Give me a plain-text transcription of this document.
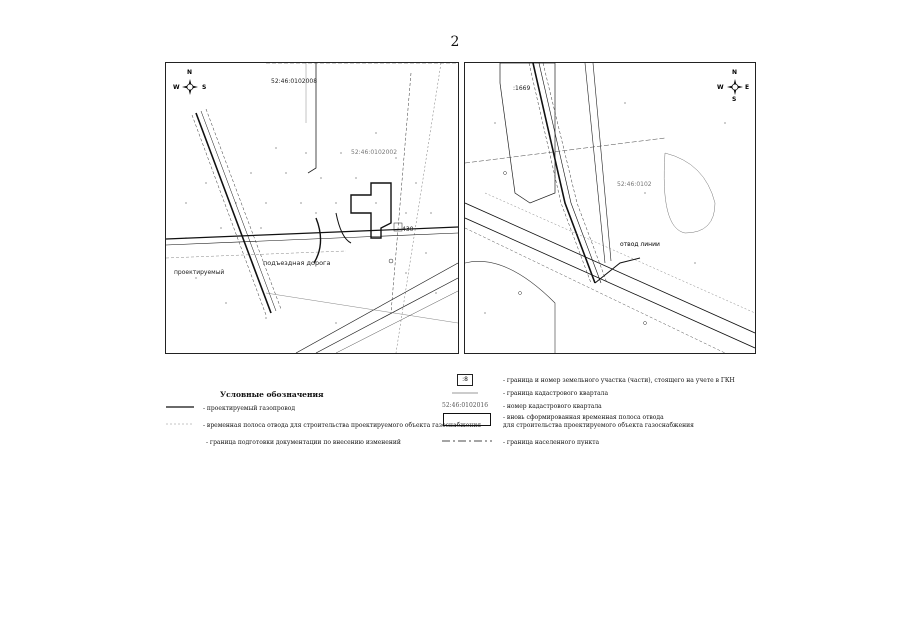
2
N
W	S
52:46:0102008
52:46:0102002
430
подъездная дорога
проектируемый
N
W	E
S
:1669
52:46:0102
отвод линии
Условные обозначения
- проектируемый газопровод
- временная полоса отвода для строительства проектируемого объекта газоснабжения
- граница подготовки документации по внесению изменений
:8	- граница и номер земельного участка (части), стоящего на учете в ГКН
- граница кадастрового квартала
52:46:0102016 - номер кадастрового квартала
- вновь сформированная временная полоса отвода
для строительства проектируемого объекта газоснабжения
- граница населенного пункта
